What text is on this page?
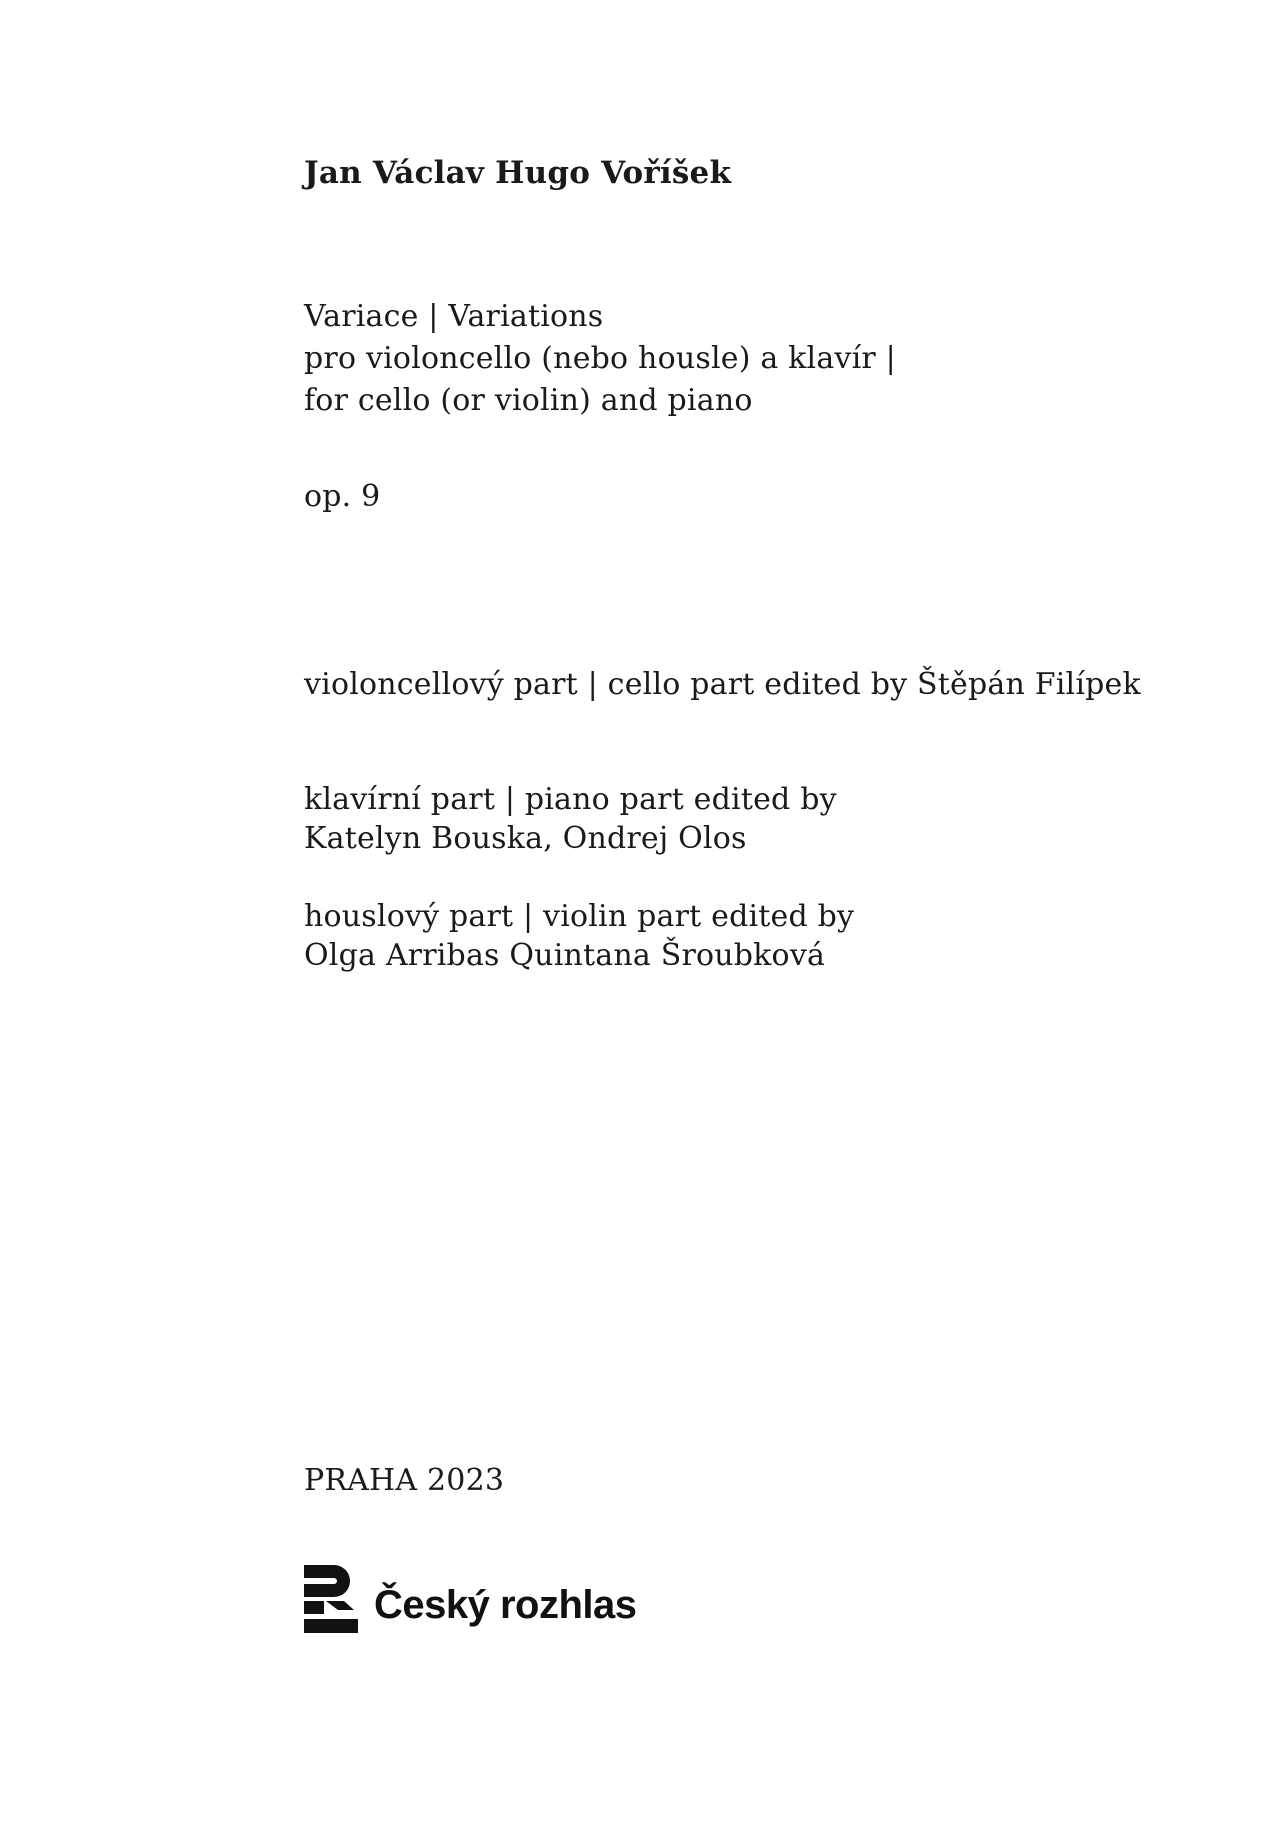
Jan Václav Hugo Voříšek
Variace | Variations
pro violoncello (nebo housle) a klavír |
for cello (or violin) and piano
op. 9
violoncellový part | cello part edited by Štěpán Filípek
klavírní part | piano part edited by
Katelyn Bouska, Ondrej Olos
houslový part | violin part edited by
Olga Arribas Quintana Šroubková
PRAHA 2023
Český rozhlas
